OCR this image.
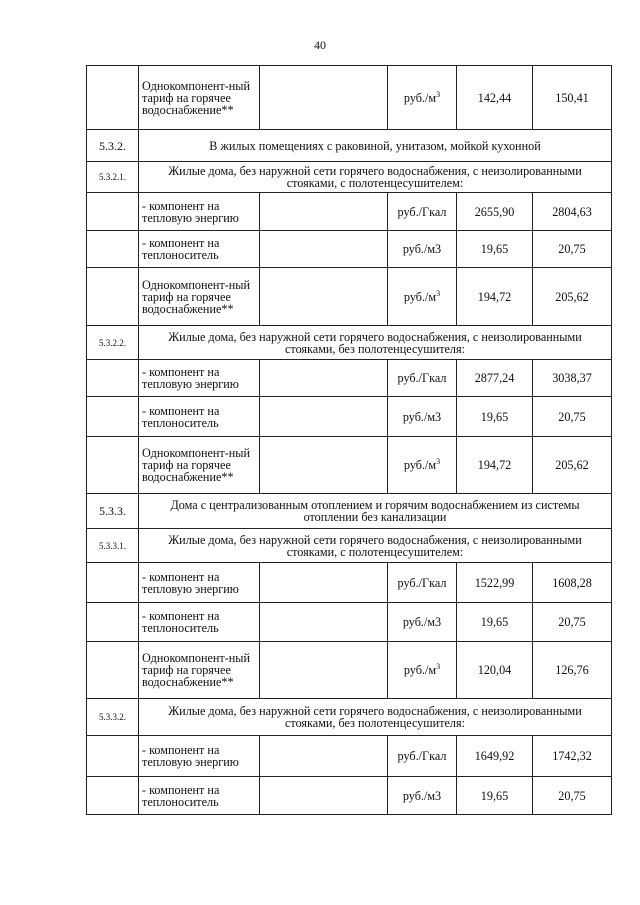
40
	Однокомпонент-ный тариф на горячее водоснабжение**		$руб./м^3$	142,44	150,41
5.3.2.	В жилых помещениях с раковиной, унитазом, мойкой кухонной				
5.3.2.1.	Жилые дома, без наружной сети горячего водоснабжения, с неизолированными стояками, с полотенцесушителем:				
	- компонент на тепловую энергию		руб./Гкал	2655,90	2804,63
	- компонент на теплоноситель		руб./м3	19,65	20,75
	Однокомпонент-ный тариф на горячее водоснабжение**		$руб./м^3$	194,72	205,62
5.3.2.2.	Жилые дома, без наружной сети горячего водоснабжения, с неизолированными стояками, без полотенцесушителя:				
	- компонент на тепловую энергию		руб./Гкал	2877,24	3038,37
	- компонент на теплоноситель		руб./м3	19,65	20,75
	Однокомпонент-ный тариф на горячее водоснабжение**		$руб./м^3$	194,72	205,62
5.3.3.	Дома с централизованным отоплением и горячим водоснабжением из системы отоплении без канализации				
5.3.3.1.	Жилые дома, без наружной сети горячего водоснабжения, с неизолированными стояками, с полотенцесушителем:				
	- компонент на тепловую энергию		руб./Гкал	1522,99	1608,28
	- компонент на теплоноситель		руб./м3	19,65	20,75
	Однокомпонент-ный тариф на горячее водоснабжение**		$руб./м^3$	120,04	126,76
5.3.3.2.	Жилые дома, без наружной сети горячего водоснабжения, с неизолированными стояками, без полотенцесушителя:				
	- компонент на тепловую энергию		руб./Гкал	1649,92	1742,32
	- компонент на теплоноситель		руб./м3	19,65	20,75
